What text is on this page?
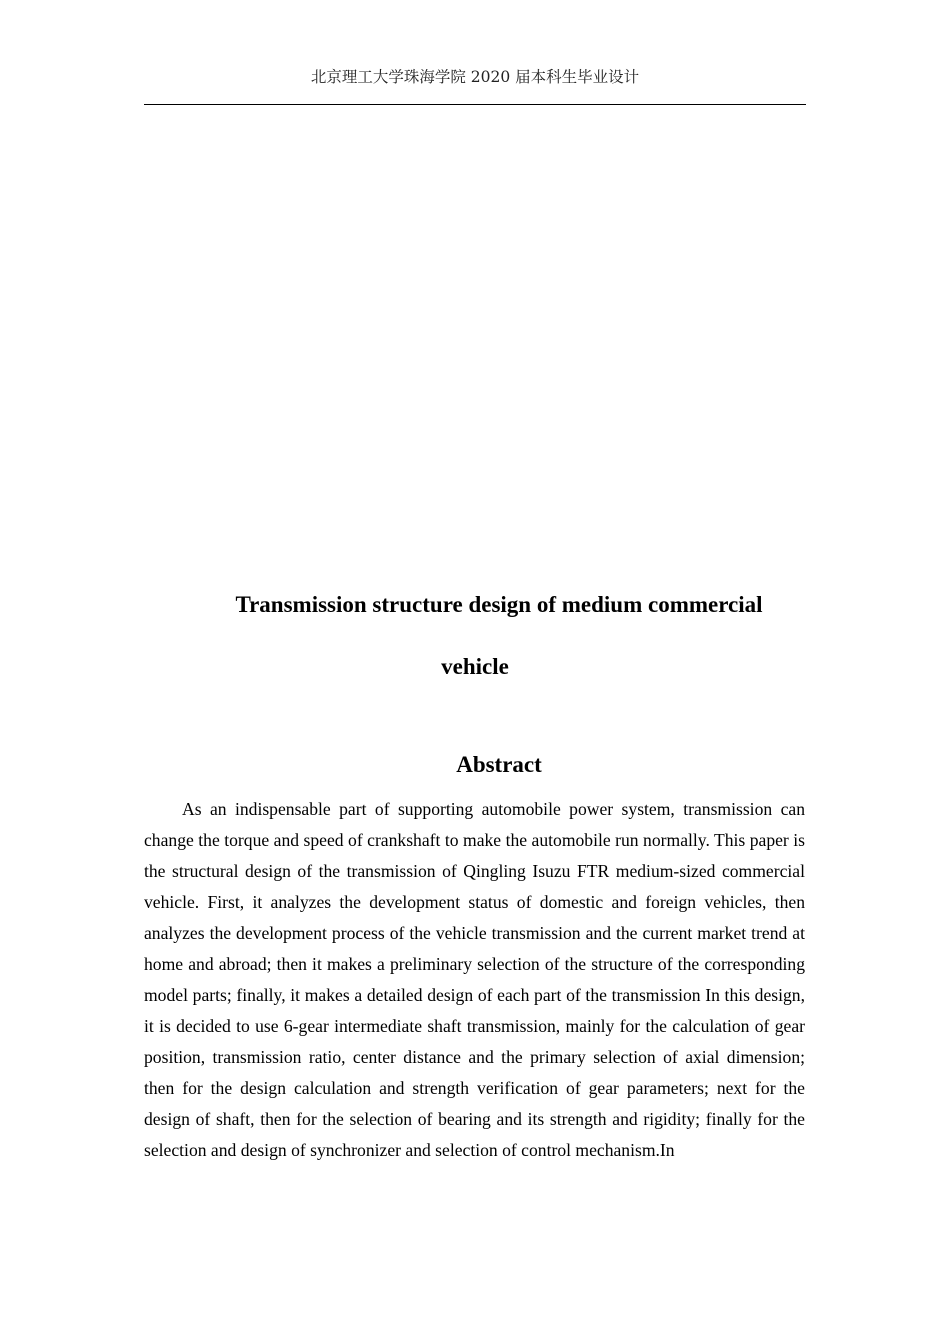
北京理工大学珠海学院 2020 届本科生毕业设计
Transmission structure design of medium commercial
vehicle
Abstract

As an indispensable part of supporting automobile power system, transmission can change the torque and speed of crankshaft to make the automobile run normally. This paper is the structural design of the transmission of Qingling Isuzu FTR medium-sized commercial vehicle. First, it analyzes the development status of domestic and foreign vehicles, then analyzes the development process of the vehicle transmission and the current market trend at home and abroad; then it makes a preliminary selection of the structure of the corresponding model parts; finally, it makes a detailed design of each part of the transmission In this design, it is decided to use 6-gear intermediate shaft transmission, mainly for the calculation of gear position, transmission ratio, center distance and the primary selection of axial dimension; then for the design calculation and strength verification of gear parameters; next for the design of shaft, then for the selection of bearing and its strength and rigidity; finally for the selection and design of synchronizer and selection of control mechanism.In
